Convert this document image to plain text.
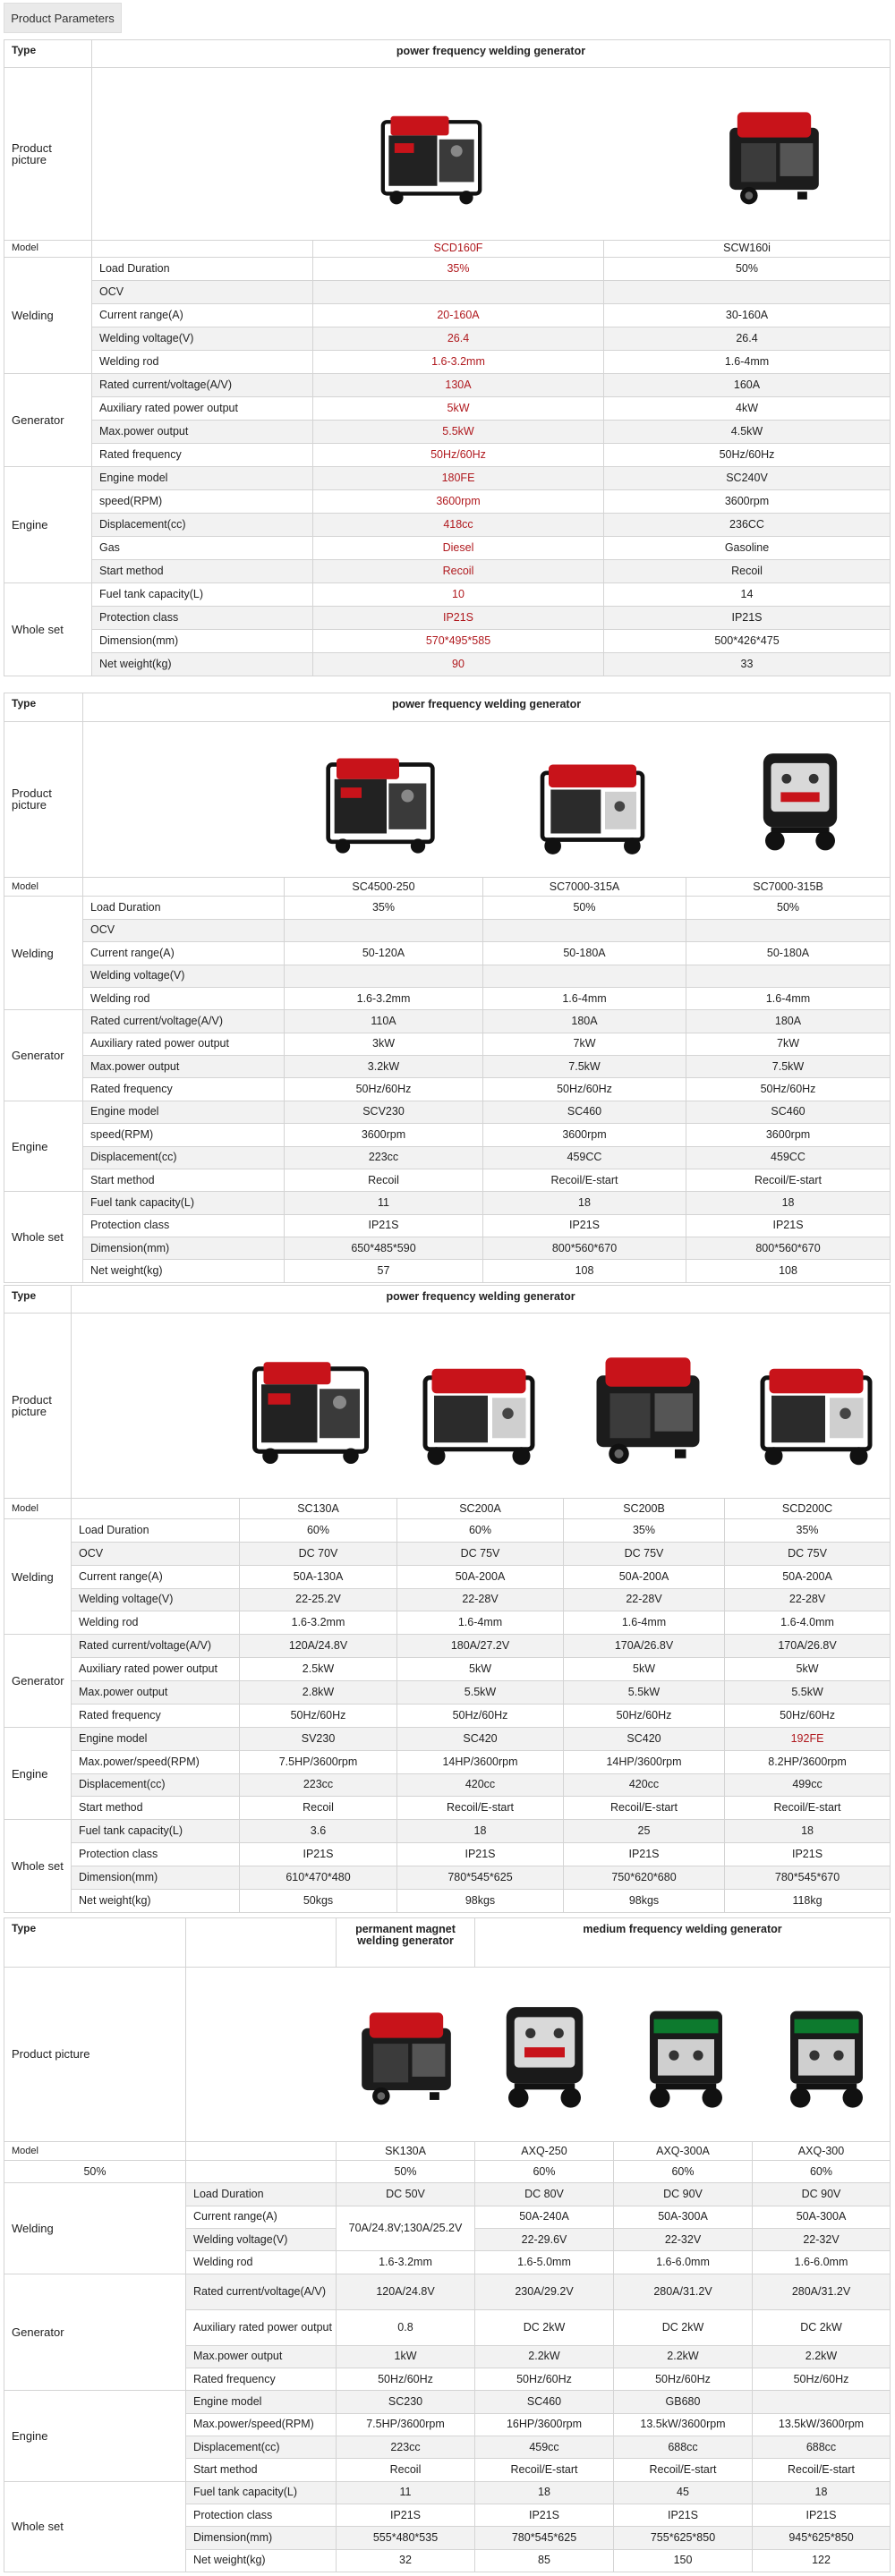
Product Parameters
Type	power frequency welding generator		
Product picture	

Model		SCD160F	SCW160i
Welding	Load Duration	35%	50%
	OCV		
	Current range(A)	20-160A	30-160A
	Welding voltage(V)	26.4	26.4
	Welding rod	1.6-3.2mm	1.6-4mm
Generator	Rated current/voltage(A/V)	130A	160A
	Auxiliary rated power output	5kW	4kW
	Max.power output	5.5kW	4.5kW
	Rated frequency	50Hz/60Hz	50Hz/60Hz
Engine	Engine model	180FE	SC240V
	speed(RPM)	3600rpm	3600rpm
	Displacement(cc)	418cc	236CC
	Gas	Diesel	Gasoline
	Start method	Recoil	Recoil
Whole set	Fuel tank capacity(L)	10	14
	Protection class	IP21S	IP21S
	Dimension(mm)	570*495*585	500*426*475
	Net weight(kg)	90	33
Type	power frequency welding generator			
Product picture	

Model		SC4500-250	SC7000-315A	SC7000-315B
Welding	Load Duration	35%	50%	50%
	OCV			
	Current range(A)	50-120A	50-180A	50-180A
	Welding voltage(V)			
	Welding rod	1.6-3.2mm	1.6-4mm	1.6-4mm
Generator	Rated current/voltage(A/V)	110A	180A	180A
	Auxiliary rated power output	3kW	7kW	7kW
	Max.power output	3.2kW	7.5kW	7.5kW
	Rated frequency	50Hz/60Hz	50Hz/60Hz	50Hz/60Hz
Engine	Engine model	SCV230	SC460	SC460
	speed(RPM)	3600rpm	3600rpm	3600rpm
	Displacement(cc)	223cc	459CC	459CC
	Start method	Recoil	Recoil/E-start	Recoil/E-start
Whole set	Fuel tank capacity(L)	11	18	18
	Protection class	IP21S	IP21S	IP21S
	Dimension(mm)	650*485*590	800*560*670	800*560*670
	Net weight(kg)	57	108	108
Type	power frequency welding generator				
Product picture	

Model		SC130A	SC200A	SC200B	SCD200C
Welding	Load Duration	60%	60%	35%	35%
	OCV	DC 70V	DC 75V	DC 75V	DC 75V
	Current range(A)	50A-130A	50A-200A	50A-200A	50A-200A
	Welding voltage(V)	22-25.2V	22-28V	22-28V	22-28V
	Welding rod	1.6-3.2mm	1.6-4mm	1.6-4mm	1.6-4.0mm
Generator	Rated current/voltage(A/V)	120A/24.8V	180A/27.2V	170A/26.8V	170A/26.8V
	Auxiliary rated power output	2.5kW	5kW	5kW	5kW
	Max.power output	2.8kW	5.5kW	5.5kW	5.5kW
	Rated frequency	50Hz/60Hz	50Hz/60Hz	50Hz/60Hz	50Hz/60Hz
Engine	Engine model	SV230	SC420	SC420	192FE
	Max.power/speed(RPM)	7.5HP/3600rpm	14HP/3600rpm	14HP/3600rpm	8.2HP/3600rpm
	Displacement(cc)	223cc	420cc	420cc	499cc
	Start method	Recoil	Recoil/E-start	Recoil/E-start	Recoil/E-start
Whole set	Fuel tank capacity(L)	3.6	18	25	18
	Protection class	IP21S	IP21S	IP21S	IP21S
	Dimension(mm)	610*470*480	780*545*625	750*620*680	780*545*670
	Net weight(kg)	50kgs	98kgs	98kgs	118kg
Type		permanent magnet welding generator	medium frequency welding generator		
Product picture	

Model		SK130A	AXQ-250	AXQ-300A	AXQ-300
50%		50%	60%	60%	60%
Welding	Load Duration	DC 50V	DC 80V	DC 90V	DC 90V
	Current range(A)	70A/24.8V;130A/25.2V	50A-240A	50A-300A	50A-300A
	Welding voltage(V)		22-29.6V	22-32V	22-32V
	Welding rod	1.6-3.2mm	1.6-5.0mm	1.6-6.0mm	1.6-6.0mm
Generator	Rated current/voltage(A/V)	120A/24.8V	230A/29.2V	280A/31.2V	280A/31.2V
	Auxiliary rated power output	0.8	DC 2kW	DC 2kW	DC 2kW
	Max.power output	1kW	2.2kW	2.2kW	2.2kW
	Rated frequency	50Hz/60Hz	50Hz/60Hz	50Hz/60Hz	50Hz/60Hz
Engine	Engine model	SC230	SC460	GB680	
	Max.power/speed(RPM)	7.5HP/3600rpm	16HP/3600rpm	13.5kW/3600rpm	13.5kW/3600rpm
	Displacement(cc)	223cc	459cc	688cc	688cc
	Start method	Recoil	Recoil/E-start	Recoil/E-start	Recoil/E-start
Whole set	Fuel tank capacity(L)	11	18	45	18
	Protection class	IP21S	IP21S	IP21S	IP21S
	Dimension(mm)	555*480*535	780*545*625	755*625*850	945*625*850
	Net weight(kg)	32	85	150	122
